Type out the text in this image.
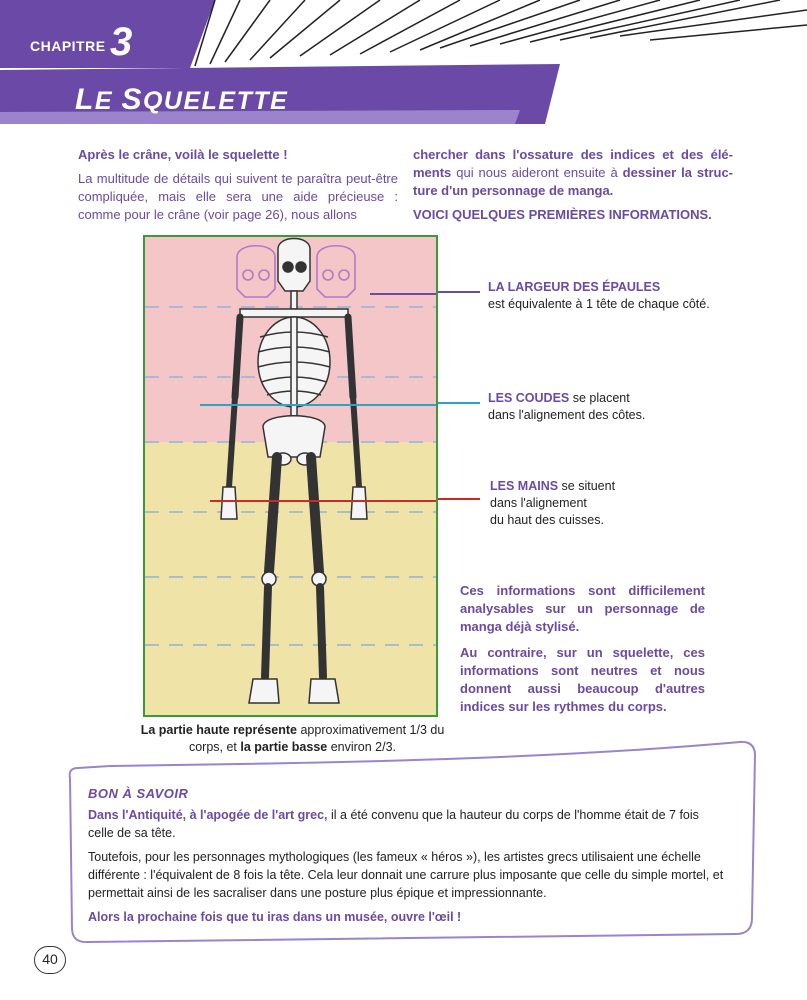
CHAPITRE 3
LE SQUELETTE

Après le crâne, voilà le squelette !

La multitude de détails qui suivent te paraîtra peut-être compliquée, mais elle sera une aide précieuse : comme pour le crâne (voir page 26), nous allons

chercher dans l'ossature des indices et des élé-ments qui nous aideront ensuite à dessiner la struc-ture d'un personnage de manga.

VOICI QUELQUES PREMIÈRES INFORMATIONS.

La partie haute représente approximativement 1/3 du corps, et la partie basse environ 2/3.
LA LARGEUR DES ÉPAULES
est équivalente à 1 tête de chaque côté.
LES COUDES se placent
dans l'alignement des côtes.
LES MAINS se situent
dans l'alignement
du haut des cuisses.

Ces informations sont difficilement analysables sur un personnage de manga déjà stylisé.

Au contraire, sur un squelette, ces informations sont neutres et nous donnent aussi beaucoup d'autres indices sur les rythmes du corps.

BON À SAVOIR

Dans l'Antiquité, à l'apogée de l'art grec, il a été convenu que la hauteur du corps de l'homme était de 7 fois celle de sa tête.

Toutefois, pour les personnages mythologiques (les fameux « héros »), les artistes grecs utilisaient une échelle différente : l'équivalent de 8 fois la tête. Cela leur donnait une carrure plus imposante que celle du simple mortel, et permettait ainsi de les sacraliser dans une posture plus épique et impressionnante.

Alors la prochaine fois que tu iras dans un musée, ouvre l'œil !

40
